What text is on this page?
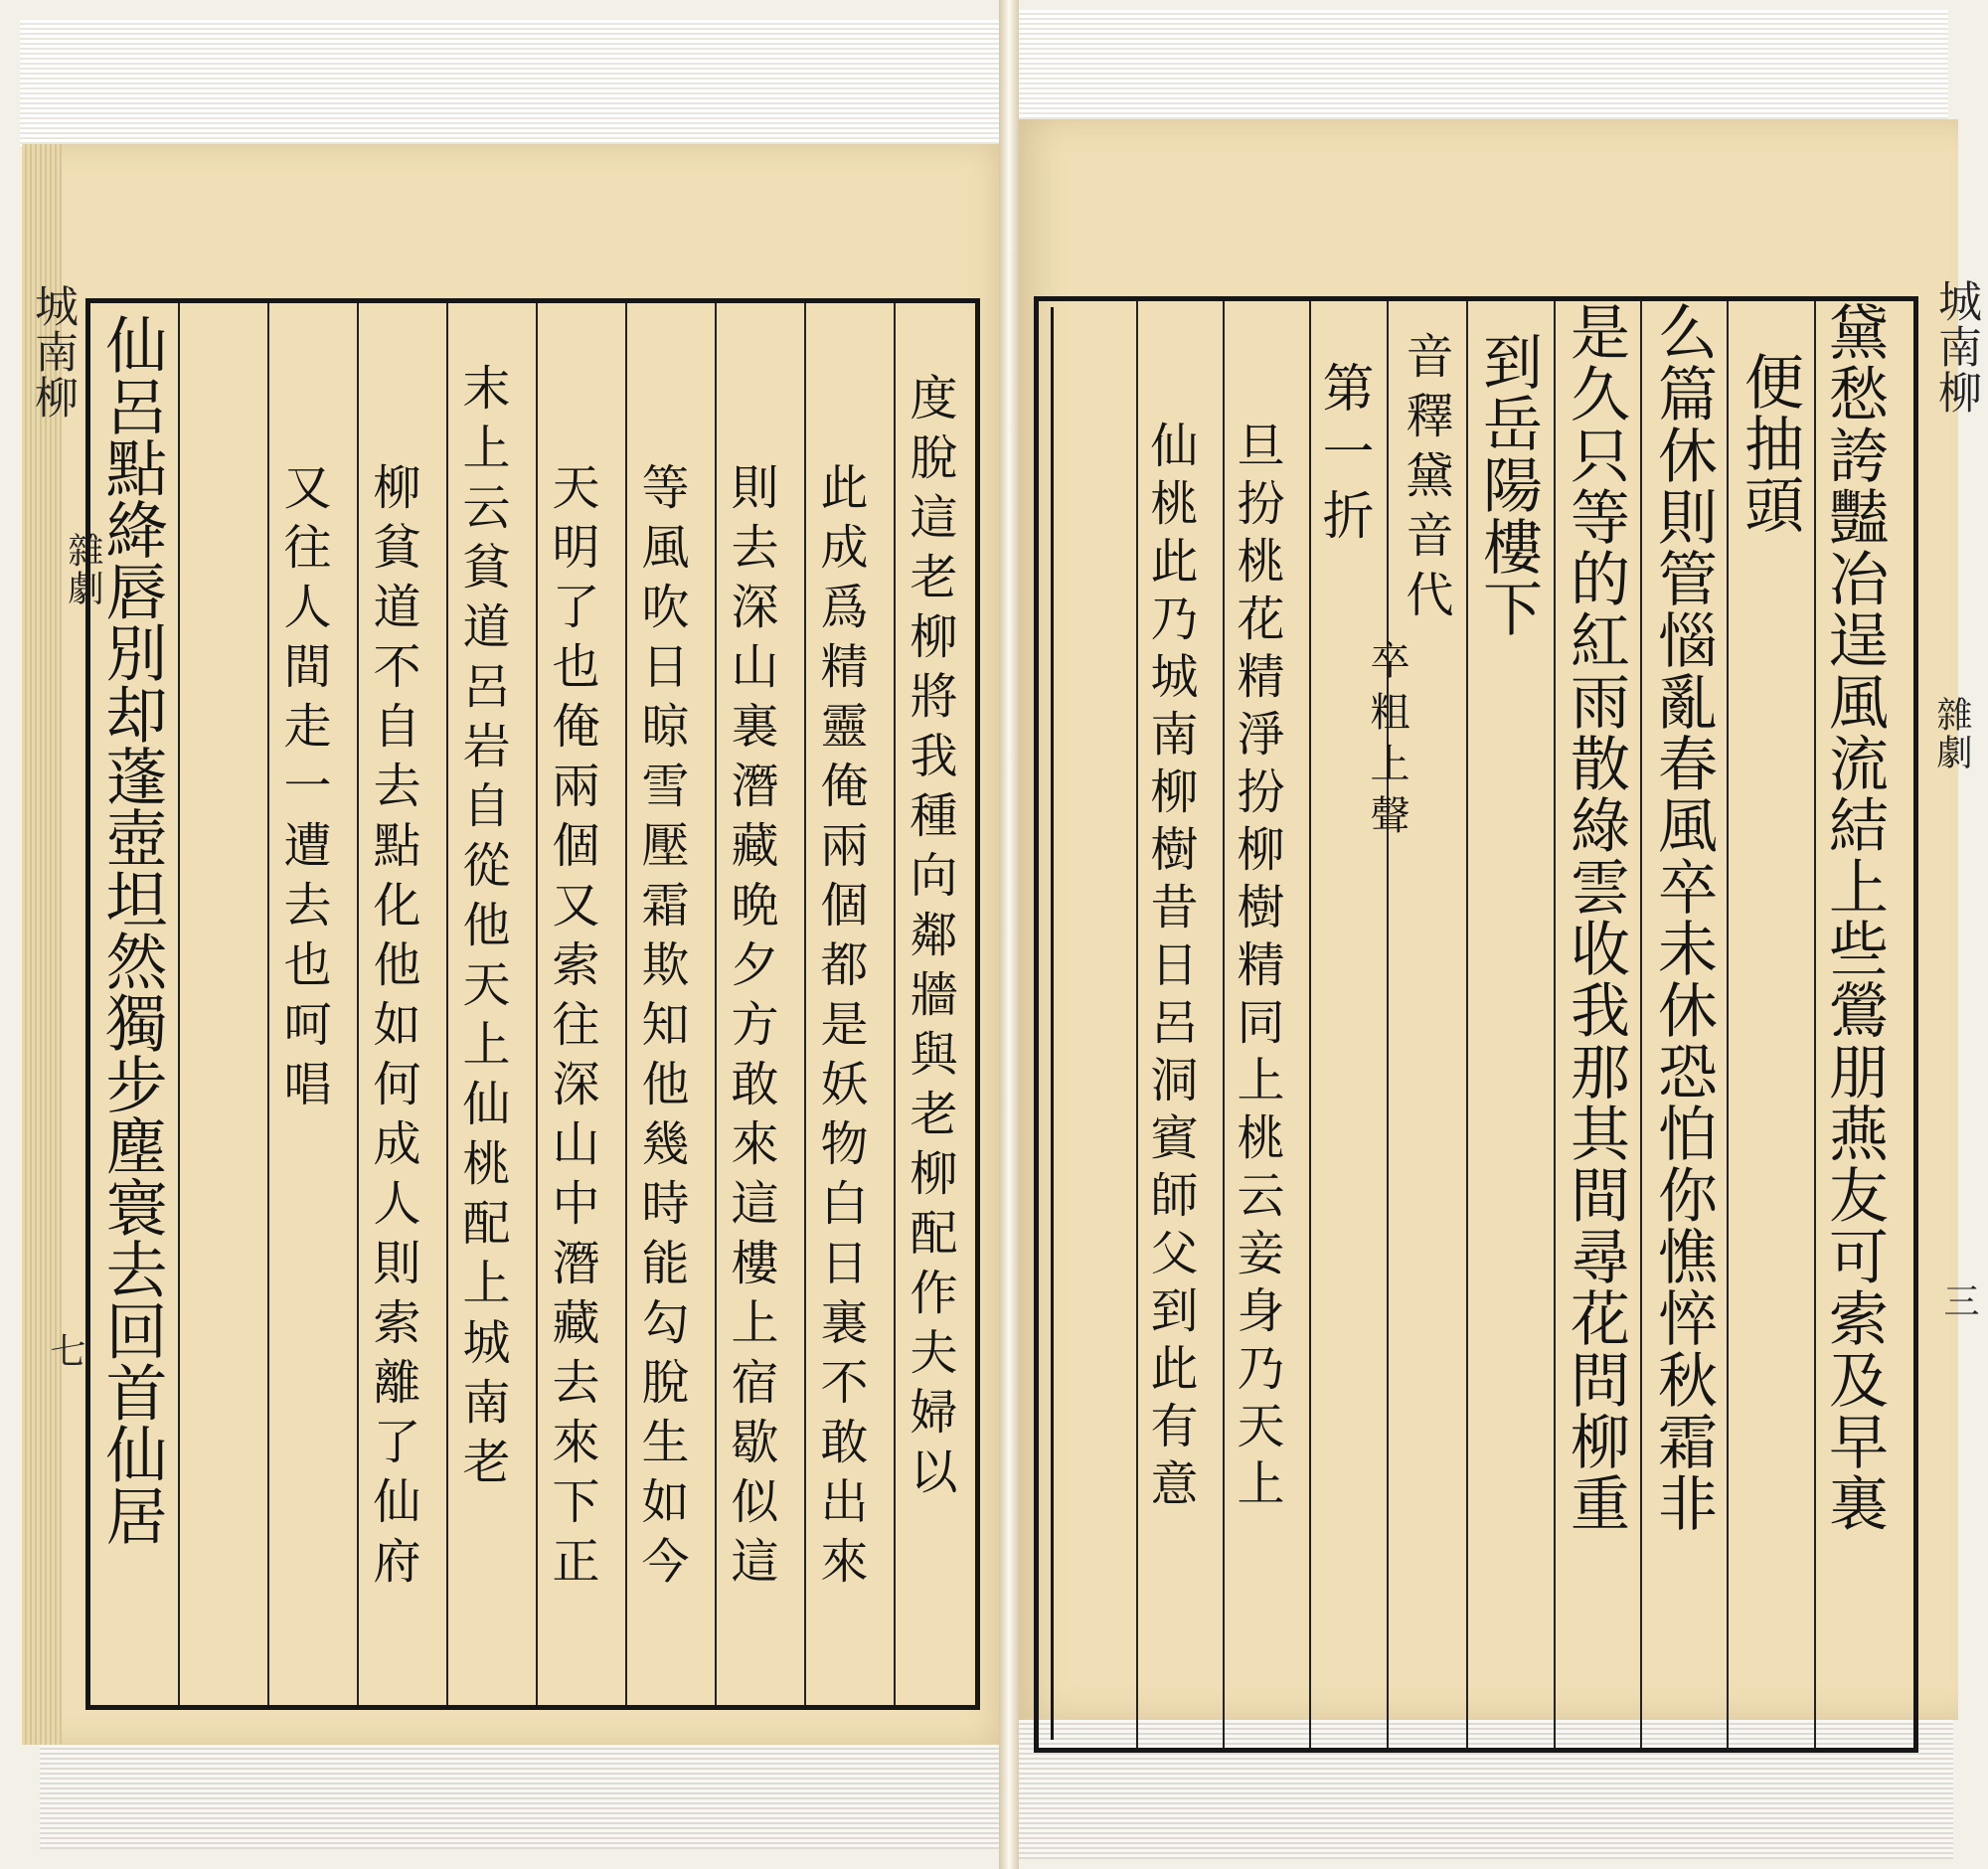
城南柳
雜劇
七	度脫這老柳將我種向鄰牆與老柳配作夫婦以
此成爲精靈俺兩個都是妖物白日裏不敢出來
則去深山裏潛藏晩夕方敢來這樓上宿歇似這
等風吹日晾雪壓霜欺知他幾時能勾脫生如今
天明了也俺兩個又索往深山中潛藏去來下正
末上云貧道呂岩自從他天上仙桃配上城南老
柳貧道不自去點化他如何成人則索離了仙府
又往人間走一遭去也呵唱
仙呂點絳唇別却蓬壺坦然獨步塵寰去回首仙居	城南柳
雜劇
三
黛愁誇豔冶逞風流結上些鶯朋燕友可索及早裏
便抽頭
么篇休則管惱亂春風卒未休恐怕你憔悴秋霜非
是久只等的紅雨散綠雲收我那其間尋花問柳重
到岳陽樓下
音釋黛音代
卒粗上聲
第一折
旦扮桃花精淨扮柳樹精同上桃云妾身乃天上
仙桃此乃城南柳樹昔日呂洞賓師父到此有意
